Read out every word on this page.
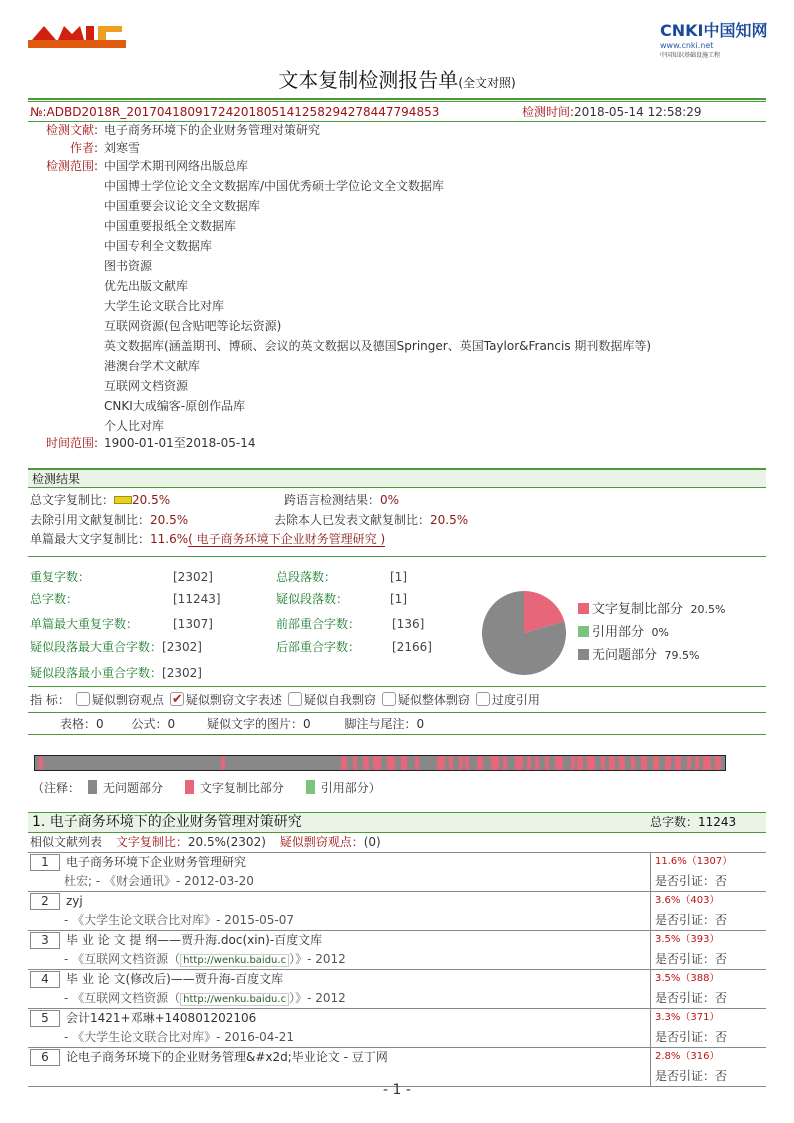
CNKI中国知网
www.cnki.net
中国知识基础设施工程
文本复制检测报告单(全文对照)
№:ADBD2018R_20170418091724201805141258294278447794853	检测时间:2018-05-14 12:58:29
检测文献: 电子商务环境下的企业财务管理对策研究
作者: 刘寒雪
检测范围: 中国学术期刊网络出版总库
中国博士学位论文全文数据库/中国优秀硕士学位论文全文数据库
中国重要会议论文全文数据库
中国重要报纸全文数据库
中国专利全文数据库
图书资源
优先出版文献库
大学生论文联合比对库
互联网资源(包含贴吧等论坛资源)
英文数据库(涵盖期刊、博硕、会议的英文数据以及德国Springer、英国Taylor&Francis 期刊数据库等)
港澳台学术文献库
互联网文档资源
CNKI大成编客-原创作品库
个人比对库
时间范围: 1900-01-01至2018-05-14
检测结果
总文字复制比： 20.5%	跨语言检测结果：0%
去除引用文献复制比：20.5%	去除本人已发表文献复制比：20.5%
单篇最大文字复制比：11.6%( 电子商务环境下企业财务管理研究 )
重复字数：	[2302]	总段落数：	[1]
总字数：	[11243]	疑似段落数：	[1]
单篇最大重复字数：	[1307]	前部重合字数：	[136]
疑似段落最大重合字数：[2302]	后部重合字数：	[2166]
疑似段落最小重合字数：[2302]
文字复制比部分 20.5%
引用部分 0%
无问题部分 79.5%
指 标： 疑似剽窃观点✔ 疑似剽窃文字表述 疑似自我剽窃 疑似整体剽窃 过度引用
表格：0 公式：0	疑似文字的图片：0	脚注与尾注：0
（注释： 无问题部分	文字复制比部分	引用部分）
1. 电子商务环境下的企业财务管理对策研究	总字数：11243
相似文献列表 文字复制比：20.5%(2302) 疑似剽窃观点：(0)
1	电子商务环境下企业财务管理研究	11.6%（1307）
杜宏; - 《财会通讯》- 2012-03-20	是否引证：否
2	zyj	3.6%（403）
- 《大学生论文联合比对库》- 2015-05-07	是否引证：否
3	毕 业 论 文 提 纲——贾升海.doc(xin)-百度文库	3.5%（393）
- 《互联网文档资源（ http://wenku.baidu.c ）》- 2012	是否引证：否
4	毕 业 论 文(修改后)——贾升海-百度文库	3.5%（388）
- 《互联网文档资源（ http://wenku.baidu.c ）》- 2012	是否引证：否
5	会计1421+邓琳+140801202106	3.3%（371）
- 《大学生论文联合比对库》- 2016-04-21	是否引证：否
6	论电子商务环境下的企业财务管理&#x2d;毕业论文 - 豆丁网	2.8%（316）
是否引证：否
- 1 -
